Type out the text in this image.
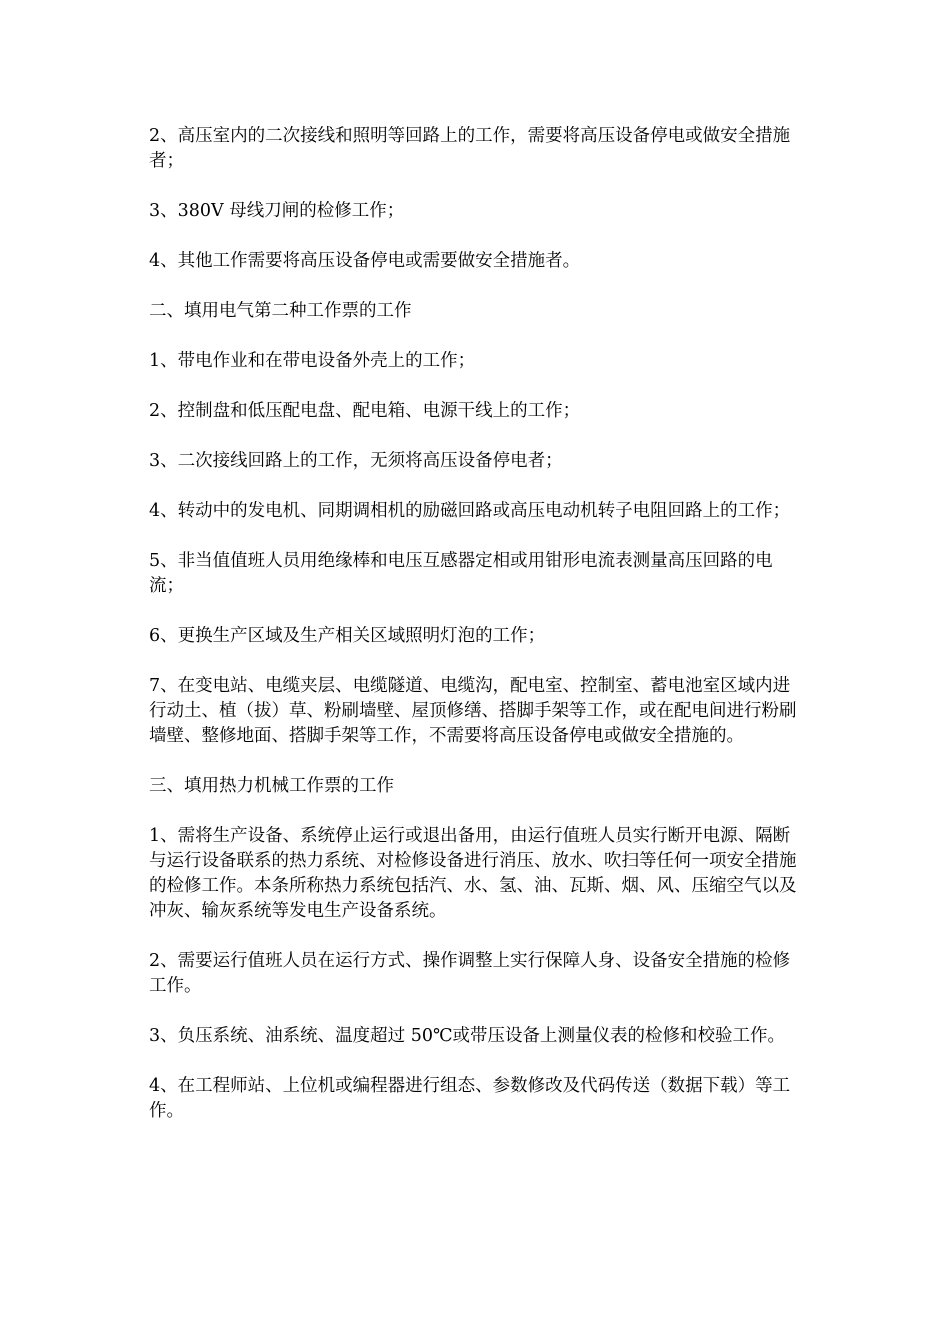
2、高压室内的二次接线和照明等回路上的工作，需要将高压设备停电或做安全措施者；

3、380V 母线刀闸的检修工作；

4、其他工作需要将高压设备停电或需要做安全措施者。

二、填用电气第二种工作票的工作

1、带电作业和在带电设备外壳上的工作；

2、控制盘和低压配电盘、配电箱、电源干线上的工作；

3、二次接线回路上的工作，无须将高压设备停电者；

4、转动中的发电机、同期调相机的励磁回路或高压电动机转子电阻回路上的工作；

5、非当值值班人员用绝缘棒和电压互感器定相或用钳形电流表测量高压回路的电流；

6、更换生产区域及生产相关区域照明灯泡的工作；

7、在变电站、电缆夹层、电缆隧道、电缆沟，配电室、控制室、蓄电池室区域内进行动土、植（拔）草、粉刷墙壁、屋顶修缮、搭脚手架等工作，或在配电间进行粉刷墙壁、整修地面、搭脚手架等工作，不需要将高压设备停电或做安全措施的。

三、填用热力机械工作票的工作

1、需将生产设备、系统停止运行或退出备用，由运行值班人员实行断开电源、隔断与运行设备联系的热力系统、对检修设备进行消压、放水、吹扫等任何一项安全措施的检修工作。本条所称热力系统包括汽、水、氢、油、瓦斯、烟、风、压缩空气以及冲灰、输灰系统等发电生产设备系统。

2、需要运行值班人员在运行方式、操作调整上实行保障人身、设备安全措施的检修工作。

3、负压系统、油系统、温度超过 50℃或带压设备上测量仪表的检修和校验工作。

4、在工程师站、上位机或编程器进行组态、参数修改及代码传送（数据下载）等工作。
